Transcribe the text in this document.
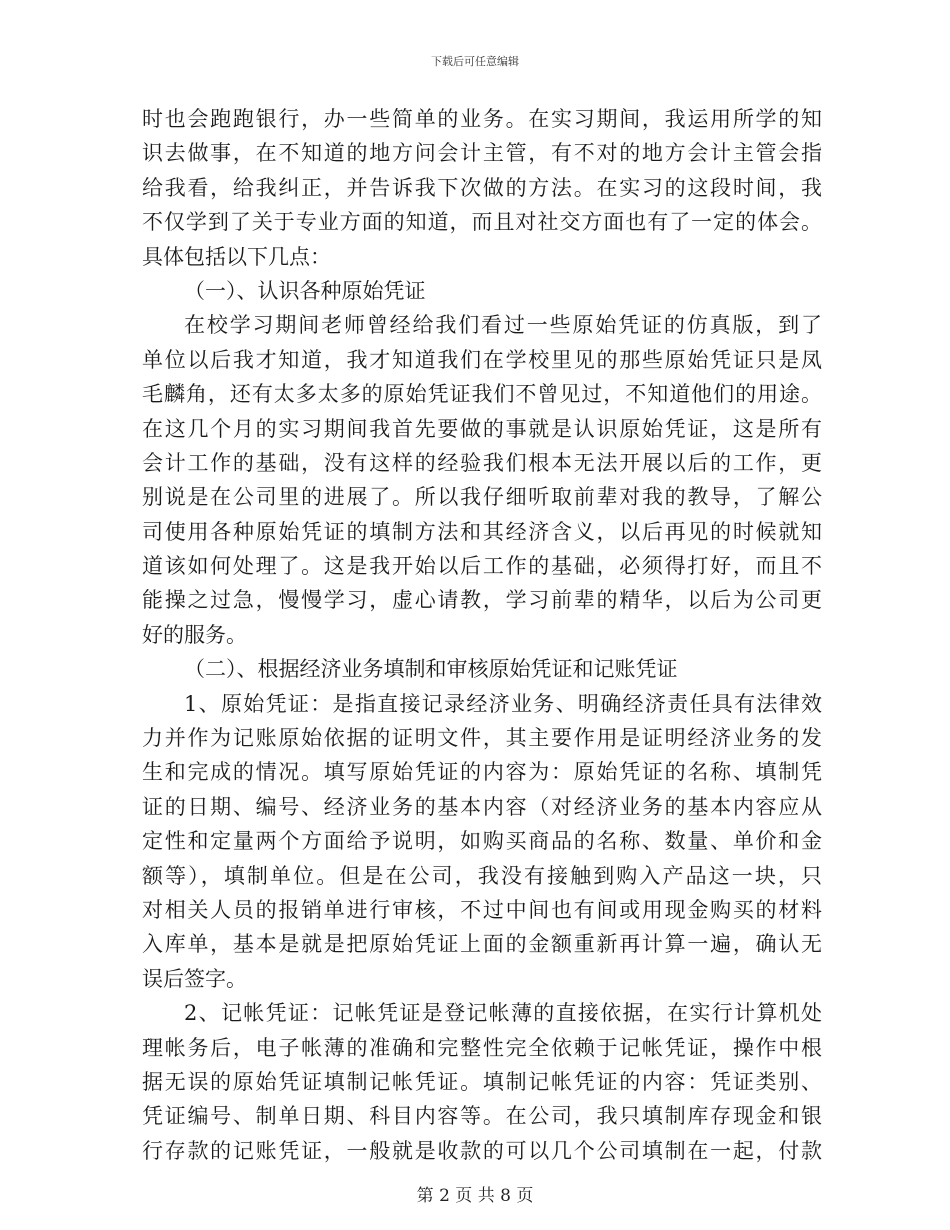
下载后可任意编辑
时也会跑跑银行，办一些简单的业务。在实习期间，我运用所学的知
识去做事，在不知道的地方问会计主管，有不对的地方会计主管会指
给我看，给我纠正，并告诉我下次做的方法。在实习的这段时间，我
不仅学到了关于专业方面的知道，而且对社交方面也有了一定的体会。
具体包括以下几点：
（一）、认识各种原始凭证
在校学习期间老师曾经给我们看过一些原始凭证的仿真版，到了
单位以后我才知道，我才知道我们在学校里见的那些原始凭证只是凤
毛麟角，还有太多太多的原始凭证我们不曾见过，不知道他们的用途。
在这几个月的实习期间我首先要做的事就是认识原始凭证，这是所有
会计工作的基础，没有这样的经验我们根本无法开展以后的工作，更
别说是在公司里的进展了。所以我仔细听取前辈对我的教导，了解公
司使用各种原始凭证的填制方法和其经济含义，以后再见的时候就知
道该如何处理了。这是我开始以后工作的基础，必须得打好，而且不
能操之过急，慢慢学习，虚心请教，学习前辈的精华，以后为公司更
好的服务。
（二）、根据经济业务填制和审核原始凭证和记账凭证
1、原始凭证：是指直接记录经济业务、明确经济责任具有法律效
力并作为记账原始依据的证明文件，其主要作用是证明经济业务的发
生和完成的情况。填写原始凭证的内容为：原始凭证的名称、填制凭
证的日期、编号、经济业务的基本内容（对经济业务的基本内容应从
定性和定量两个方面给予说明，如购买商品的名称、数量、单价和金
额等），填制单位。但是在公司，我没有接触到购入产品这一块，只
对相关人员的报销单进行审核，不过中间也有间或用现金购买的材料
入库单，基本是就是把原始凭证上面的金额重新再计算一遍，确认无
误后签字。
2、记帐凭证：记帐凭证是登记帐薄的直接依据，在实行计算机处
理帐务后，电子帐薄的准确和完整性完全依赖于记帐凭证，操作中根
据无误的原始凭证填制记帐凭证。填制记帐凭证的内容：凭证类别、
凭证编号、制单日期、科目内容等。在公司，我只填制库存现金和银
行存款的记账凭证，一般就是收款的可以几个公司填制在一起，付款
第 2 页 共 8 页
